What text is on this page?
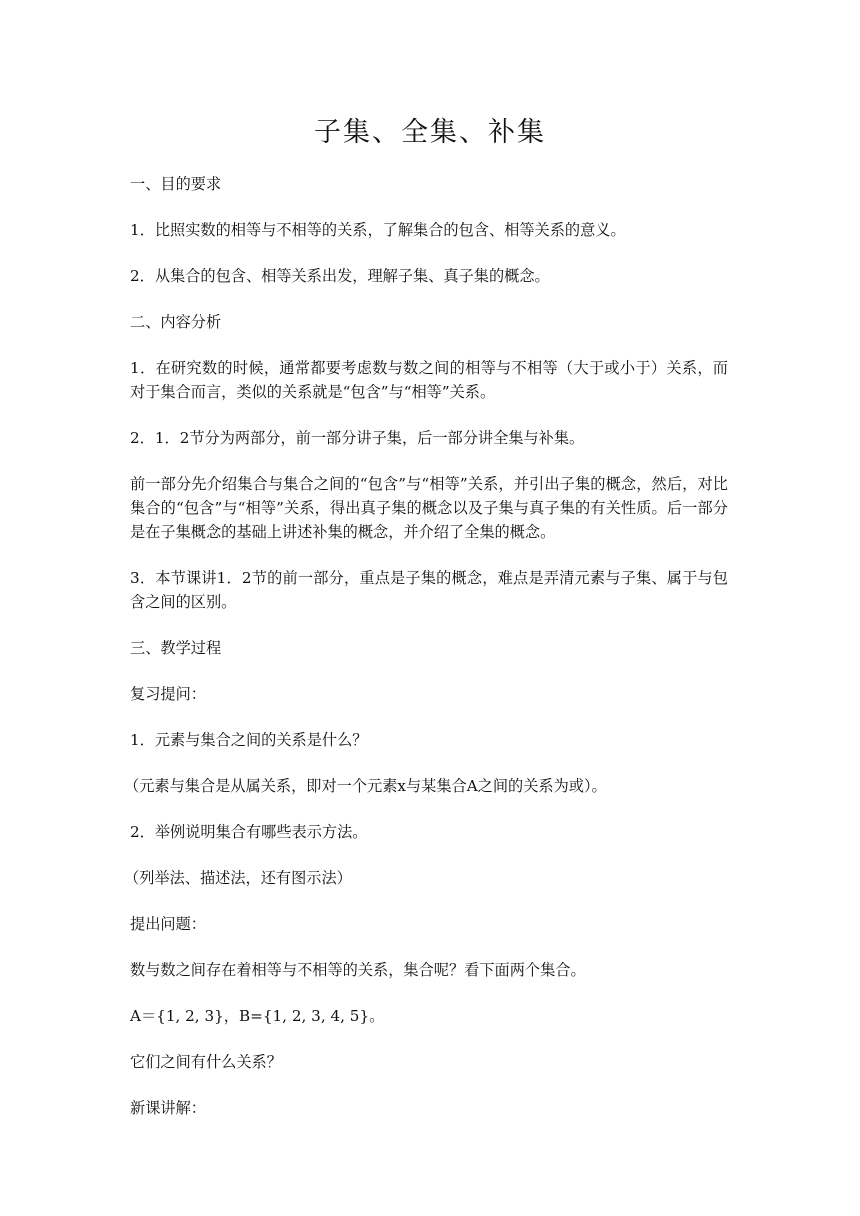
子集、全集、补集

一、目的要求

1．比照实数的相等与不相等的关系，了解集合的包含、相等关系的意义。

2．从集合的包含、相等关系出发，理解子集、真子集的概念。

二、内容分析

1．在研究数的时候，通常都要考虑数与数之间的相等与不相等（大于或小于）关系，而对于集合而言，类似的关系就是“包含”与“相等”关系。

2．1．2节分为两部分，前一部分讲子集，后一部分讲全集与补集。

前一部分先介绍集合与集合之间的“包含”与“相等”关系，并引出子集的概念，然后，对比集合的“包含”与“相等”关系，得出真子集的概念以及子集与真子集的有关性质。后一部分是在子集概念的基础上讲述补集的概念，并介绍了全集的概念。

3．本节课讲1．2节的前一部分，重点是子集的概念，难点是弄清元素与子集、属于与包含之间的区别。

三、教学过程

复习提问：

1．元素与集合之间的关系是什么？

（元素与集合是从属关系，即对一个元素x与某集合A之间的关系为或）。

2．举例说明集合有哪些表示方法。

（列举法、描述法，还有图示法）

提出问题：

数与数之间存在着相等与不相等的关系，集合呢？看下面两个集合。

A＝{1, 2, 3}，B={1, 2, 3, 4, 5}。

它们之间有什么关系？

新课讲解：
